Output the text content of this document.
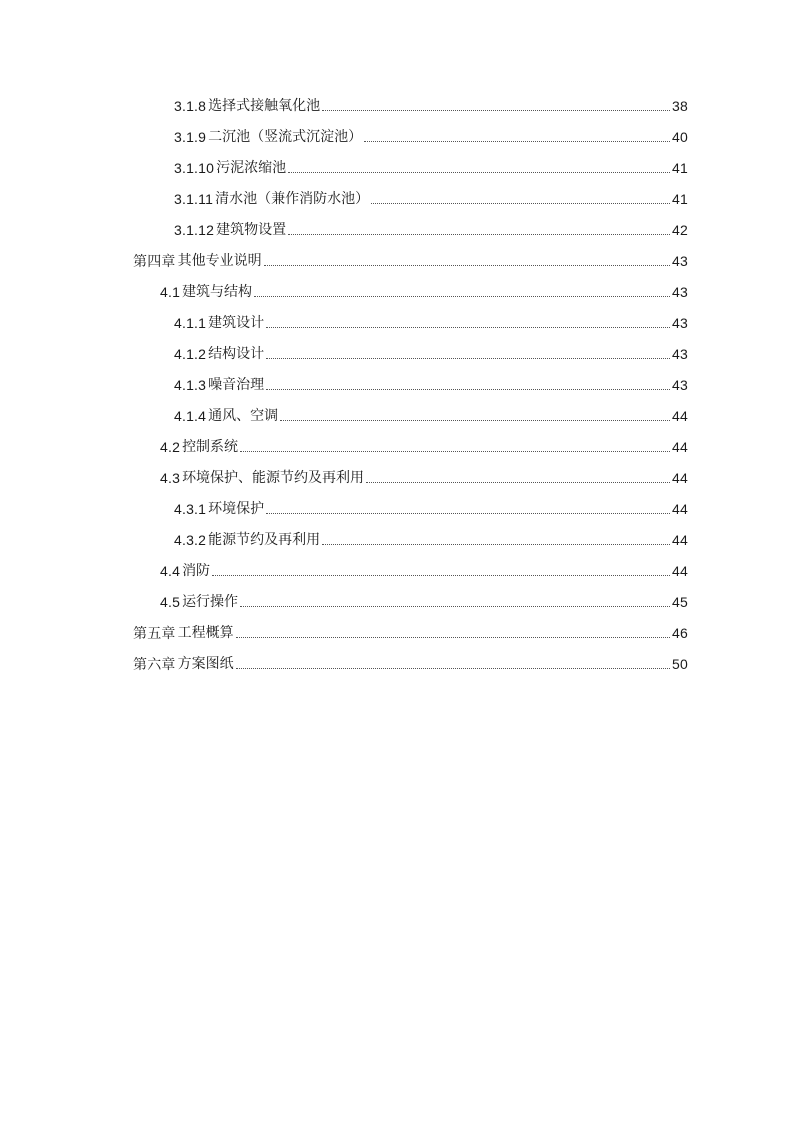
3.1.8 选择式接触氧化池	38
3.1.9 二沉池（竖流式沉淀池）	40
3.1.10 污泥浓缩池	41
3.1.11 清水池（兼作消防水池）	41
3.1.12 建筑物设置	42
第四章 其他专业说明	43
4.1 建筑与结构	43
4.1.1 建筑设计	43
4.1.2 结构设计	43
4.1.3 噪音治理	43
4.1.4 通风、空调	44
4.2 控制系统	44
4.3 环境保护、能源节约及再利用	44
4.3.1 环境保护	44
4.3.2 能源节约及再利用	44
4.4 消防	44
4.5 运行操作	45
第五章 工程概算	46
第六章 方案图纸	50
